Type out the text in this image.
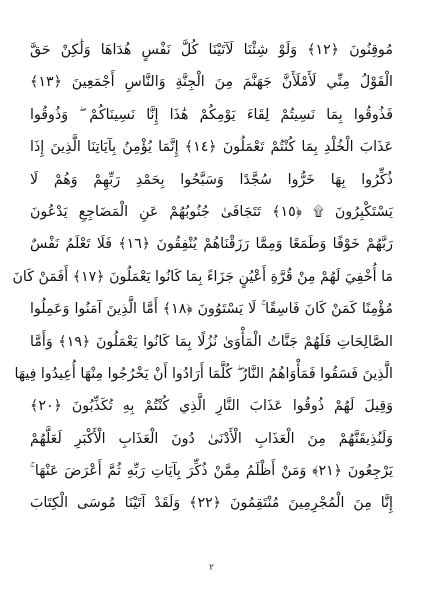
مُوقِنُونَ ﴿١٢﴾ وَلَوْ شِئْنَا لَآتَيْنَا كُلَّ نَفْسٍ هُدَاهَا وَلَٰكِنْ حَقَّ
الْقَوْلُ مِنِّي لَأَمْلَأَنَّ جَهَنَّمَ مِنَ الْجِنَّةِ وَالنَّاسِ أَجْمَعِينَ ﴿١٣﴾
فَذُوقُوا بِمَا نَسِيتُمْ لِقَاءَ يَوْمِكُمْ هَٰذَا إِنَّا نَسِينَاكُمْ ۖ وَذُوقُوا
عَذَابَ الْخُلْدِ بِمَا كُنْتُمْ تَعْمَلُونَ ﴿١٤﴾ إِنَّمَا يُؤْمِنُ بِآيَاتِنَا الَّذِينَ إِذَا
ذُكِّرُوا بِهَا خَرُّوا سُجَّدًا وَسَبَّحُوا بِحَمْدِ رَبِّهِمْ وَهُمْ لَا
يَسْتَكْبِرُونَ ۩ ﴿١٥﴾ تَتَجَافَىٰ جُنُوبُهُمْ عَنِ الْمَضَاجِعِ يَدْعُونَ
رَبَّهُمْ خَوْفًا وَطَمَعًا وَمِمَّا رَزَقْنَاهُمْ يُنْفِقُونَ ﴿١٦﴾ فَلَا تَعْلَمُ نَفْسٌ
مَا أُخْفِيَ لَهُمْ مِنْ قُرَّةِ أَعْيُنٍ جَزَاءً بِمَا كَانُوا يَعْمَلُونَ ﴿١٧﴾ أَفَمَنْ كَانَ
مُؤْمِنًا كَمَنْ كَانَ فَاسِقًا ۚ لَا يَسْتَوُونَ ﴿١٨﴾ أَمَّا الَّذِينَ آمَنُوا وَعَمِلُوا
الصَّالِحَاتِ فَلَهُمْ جَنَّاتُ الْمَأْوَىٰ نُزُلًا بِمَا كَانُوا يَعْمَلُونَ ﴿١٩﴾ وَأَمَّا
الَّذِينَ فَسَقُوا فَمَأْوَاهُمُ النَّارُ ۖ كُلَّمَا أَرَادُوا أَنْ يَخْرُجُوا مِنْهَا أُعِيدُوا فِيهَا
وَقِيلَ لَهُمْ ذُوقُوا عَذَابَ النَّارِ الَّذِي كُنْتُمْ بِهِ تُكَذِّبُونَ ﴿٢٠﴾
وَلَنُذِيقَنَّهُمْ مِنَ الْعَذَابِ الْأَدْنَىٰ دُونَ الْعَذَابِ الْأَكْبَرِ لَعَلَّهُمْ
يَرْجِعُونَ ﴿٢١﴾ وَمَنْ أَظْلَمُ مِمَّنْ ذُكِّرَ بِآيَاتِ رَبِّهِ ثُمَّ أَعْرَضَ عَنْهَا ۚ
إِنَّا مِنَ الْمُجْرِمِينَ مُنْتَقِمُونَ ﴿٢٢﴾ وَلَقَدْ آتَيْنَا مُوسَى الْكِتَابَ
٢
